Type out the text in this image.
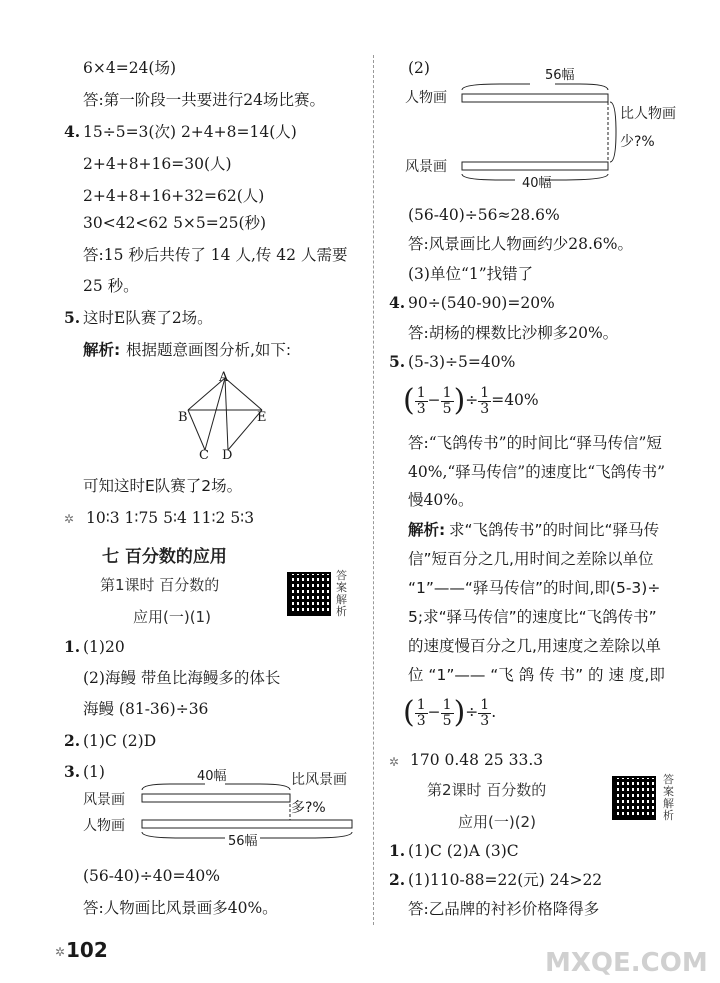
6×4=24(场)
答:第一阶段一共要进行24场比赛。
4. 15÷5=3(次) 2+4+8=14(人)
2+4+8+16=30(人)
2+4+8+16+32=62(人)
30<42<62 5×5=25(秒)
答:15 秒后共传了 14 人,传 42 人需要
25 秒。
5. 这时E队赛了2场。
解析: 根据题意画图分析,如下:
A
B	E
C D
可知这时E队赛了2场。
✲ 10∶3 1∶75 5∶4 11∶2 5∶3
七 百分数的应用
第1课时 百分数的
应用(一)(1)
答案解析
1. (1)20
(2)海鳗 带鱼比海鳗多的体长
海鳗 (81-36)÷36
2. (1)C (2)D
3. (1)	40幅	比风景画
多?%
风景画
人物画
56幅
(56-40)÷40=40%
答:人物画比风景画多40%。
(2)	56幅
人物画
比人物画
少?%
风景画
40幅
(56-40)÷56≈28.6%
答:风景画比人物画约少28.6%。
(3)单位“1”找错了
4. 90÷(540-90)=20%
答:胡杨的棵数比沙柳多20%。
5. (5-3)÷5=40%
( $\frac{1}{3} - \frac{1}{5}$ )÷ $\frac{1}{3} =40\%$
答:“飞鸽传书”的时间比“驿马传信”短
40%,“驿马传信”的速度比“飞鸽传书”
慢40%。
解析: 求“飞鸽传书”的时间比“驿马传
信”短百分之几,用时间之差除以单位
“1”——“驿马传信”的时间,即(5-3)÷
5;求“驿马传信”的速度比“飞鸽传书”
的速度慢百分之几,用速度之差除以单
位 “1”—— “飞 鸽 传 书” 的 速 度,即
( $\frac{1}{3} - \frac{1}{5}$ )÷ $\frac{1}{3}$ .
✲ 170 0.48 25 33.3
第2课时 百分数的
应用(一)(2)
答案解析
1. (1)C (2)A (3)C
2. (1)110-88=22(元) 24>22
答:乙品牌的衬衫价格降得多
✲ 102	MXQE.COM
